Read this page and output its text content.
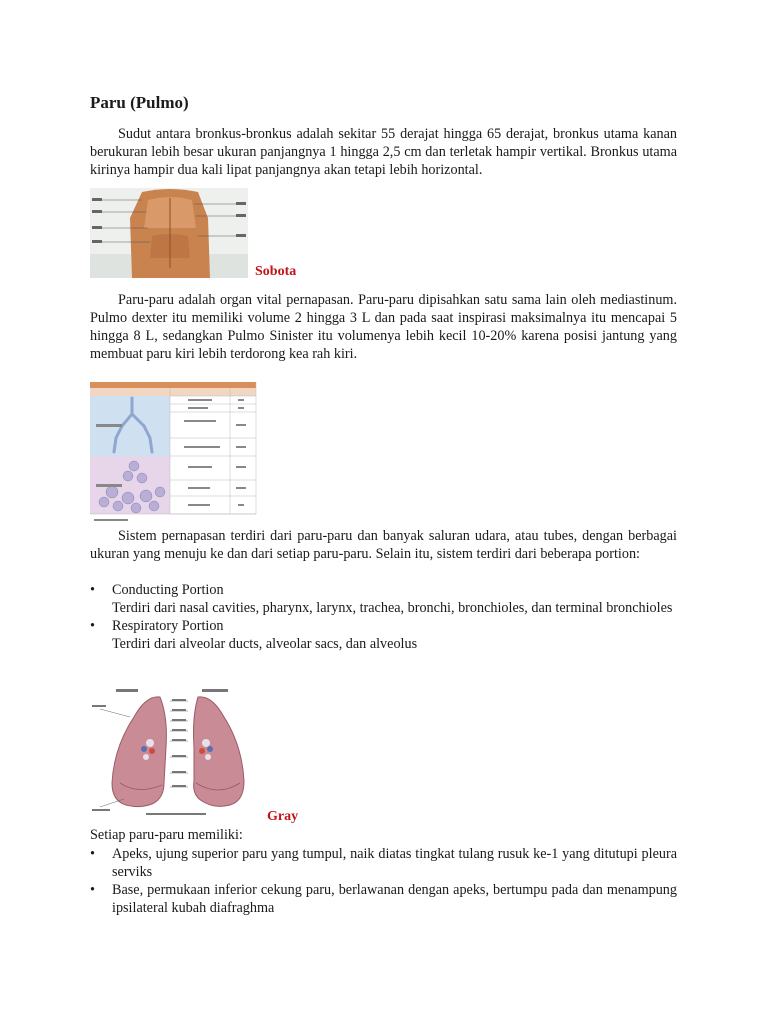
Paru (Pulmo)

Sudut antara bronkus-bronkus adalah sekitar 55 derajat hingga 65 derajat, bronkus utama kanan berukuran lebih besar ukuran panjangnya 1 hingga 2,5 cm dan terletak hampir vertikal. Bronkus utama kirinya hampir dua kali lipat panjangnya akan tetapi lebih horizontal.

Sobota

Paru-paru adalah organ vital pernapasan. Paru-paru dipisahkan satu sama lain oleh mediastinum. Pulmo dexter itu memiliki volume 2 hingga 3 L dan pada saat inspirasi maksimalnya itu mencapai 5 hingga 8 L, sedangkan Pulmo Sinister itu volumenya lebih kecil 10-20% karena posisi jantung yang membuat paru kiri lebih terdorong kea rah kiri.

Sistem pernapasan terdiri dari paru-paru dan banyak saluran udara, atau tubes, dengan berbagai ukuran yang menuju ke dan dari setiap paru-paru. Selain itu, sistem terdiri dari beberapa portion:

• Conducting Portion
Terdiri dari nasal cavities, pharynx, larynx, trachea, bronchi, bronchioles, dan terminal bronchioles
• Respiratory Portion
Terdiri dari alveolar ducts, alveolar sacs, dan alveolus
Gray

Setiap paru-paru memiliki:

• Apeks, ujung superior paru yang tumpul, naik diatas tingkat tulang rusuk ke-1 yang ditutupi pleura serviks
• Base, permukaan inferior cekung paru, berlawanan dengan apeks, bertumpu pada dan menampung ipsilateral kubah diafraghma
